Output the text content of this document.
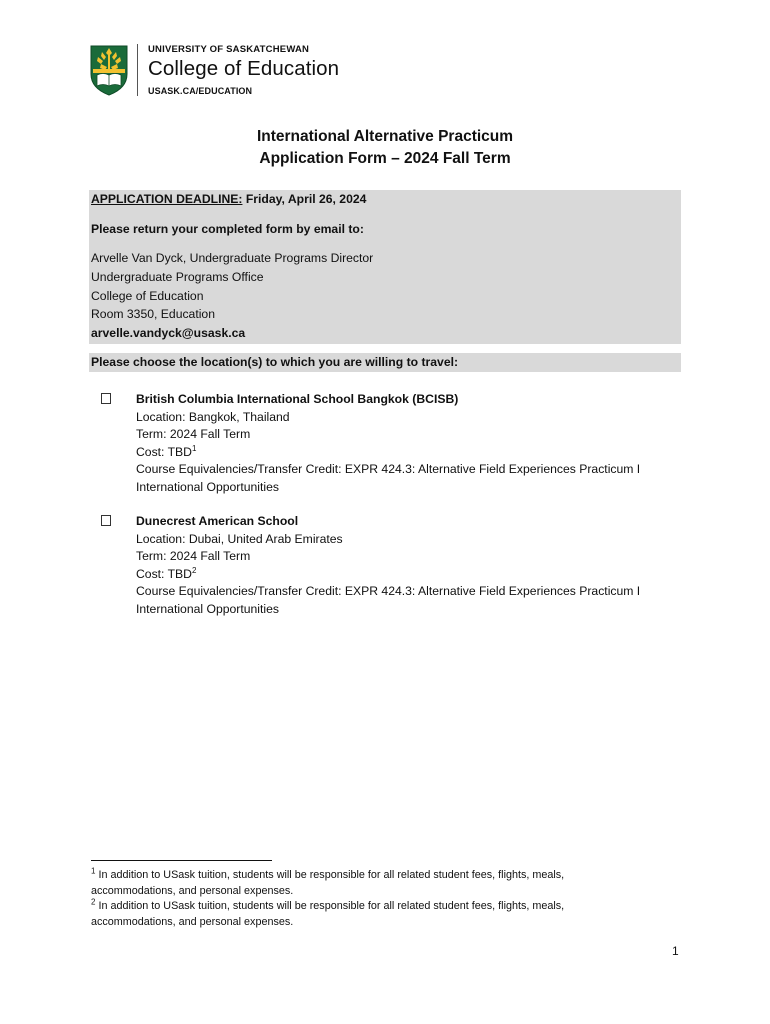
UNIVERSITY OF SASKATCHEWAN
College of Education
USASK.CA/EDUCATION
International Alternative Practicum
Application Form – 2024 Fall Term
APPLICATION DEADLINE: Friday, April 26, 2024
Please return your completed form by email to:
Arvelle Van Dyck, Undergraduate Programs Director
Undergraduate Programs Office
College of Education
Room 3350, Education
arvelle.vandyck@usask.ca
Please choose the location(s) to which you are willing to travel:
British Columbia International School Bangkok (BCISB)
Location: Bangkok, Thailand
Term: 2024 Fall Term
Cost: TBD$^1$
Course Equivalencies/Transfer Credit: EXPR 424.3: Alternative Field Experiences Practicum I
International Opportunities
Dunecrest American School
Location: Dubai, United Arab Emirates
Term: 2024 Fall Term
Cost: TBD$^2$
Course Equivalencies/Transfer Credit: EXPR 424.3: Alternative Field Experiences Practicum I
International Opportunities
$^1$ In addition to USask tuition, students will be responsible for all related student fees, flights, meals,
accommodations, and personal expenses.
$^2$ In addition to USask tuition, students will be responsible for all related student fees, flights, meals,
accommodations, and personal expenses.
1
